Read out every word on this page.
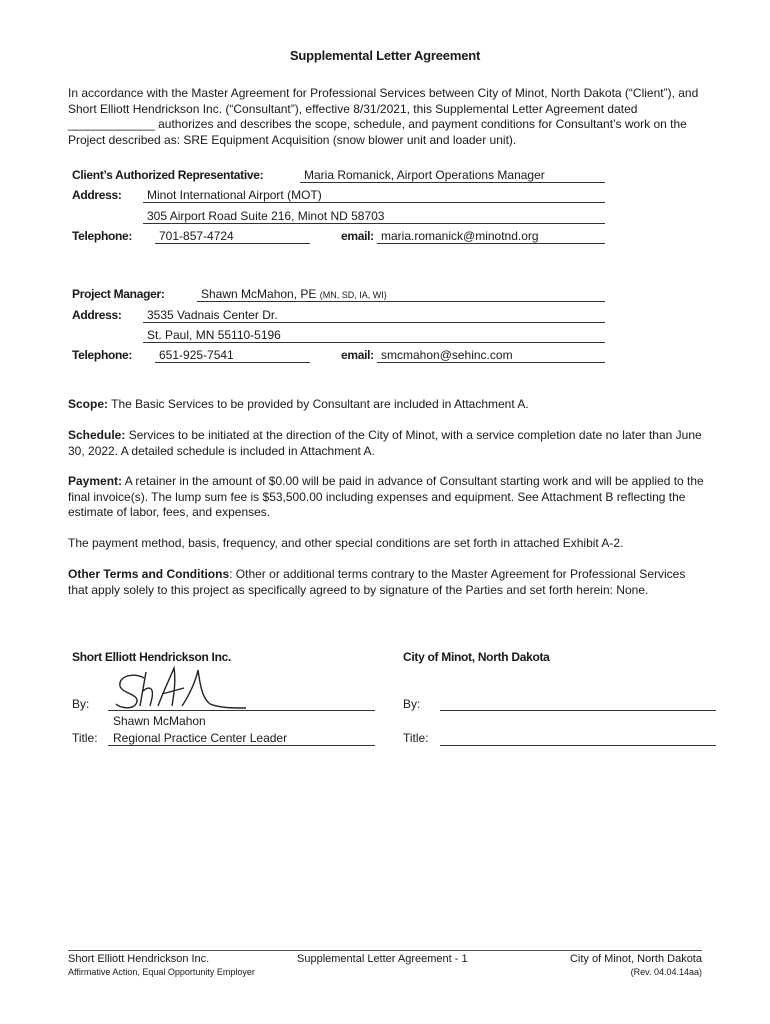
Supplemental Letter Agreement
In accordance with the Master Agreement for Professional Services between City of Minot, North Dakota (“Client”), and Short Elliott Hendrickson Inc. (“Consultant”), effective 8/31/2021, this Supplemental Letter Agreement dated _____________ authorizes and describes the scope, schedule, and payment conditions for Consultant’s work on the Project described as: SRE Equipment Acquisition (snow blower unit and loader unit).
Client’s Authorized Representative:	Maria Romanick, Airport Operations Manager
Address:	Minot International Airport (MOT)
305 Airport Road Suite 216, Minot ND 58703
Telephone:	701-857-4724	email: maria.romanick@minotnd.org
Project Manager:	Shawn McMahon, PE (MN, SD, IA, WI)
Address:	3535 Vadnais Center Dr.
St. Paul, MN 55110-5196
Telephone:	651-925-7541	email: smcmahon@sehinc.com
Scope: The Basic Services to be provided by Consultant are included in Attachment A.
Schedule: Services to be initiated at the direction of the City of Minot, with a service completion date no later than June 30, 2022. A detailed schedule is included in Attachment A.
Payment: A retainer in the amount of $0.00 will be paid in advance of Consultant starting work and will be applied to the final invoice(s). The lump sum fee is $53,500.00 including expenses and equipment. See Attachment B reflecting the estimate of labor, fees, and expenses.
The payment method, basis, frequency, and other special conditions are set forth in attached Exhibit A-2.
Other Terms and Conditions: Other or additional terms contrary to the Master Agreement for Professional Services that apply solely to this project as specifically agreed to by signature of the Parties and set forth herein: None.
Short Elliott Hendrickson Inc.	City of Minot, North Dakota
By:
Shawn McMahon
Title:	Regional Practice Center Leader
By:
Title:
Short Elliott Hendrickson Inc.
Affirmative Action, Equal Opportunity Employer
Supplemental Letter Agreement - 1	City of Minot, North Dakota
(Rev. 04.04.14aa)
